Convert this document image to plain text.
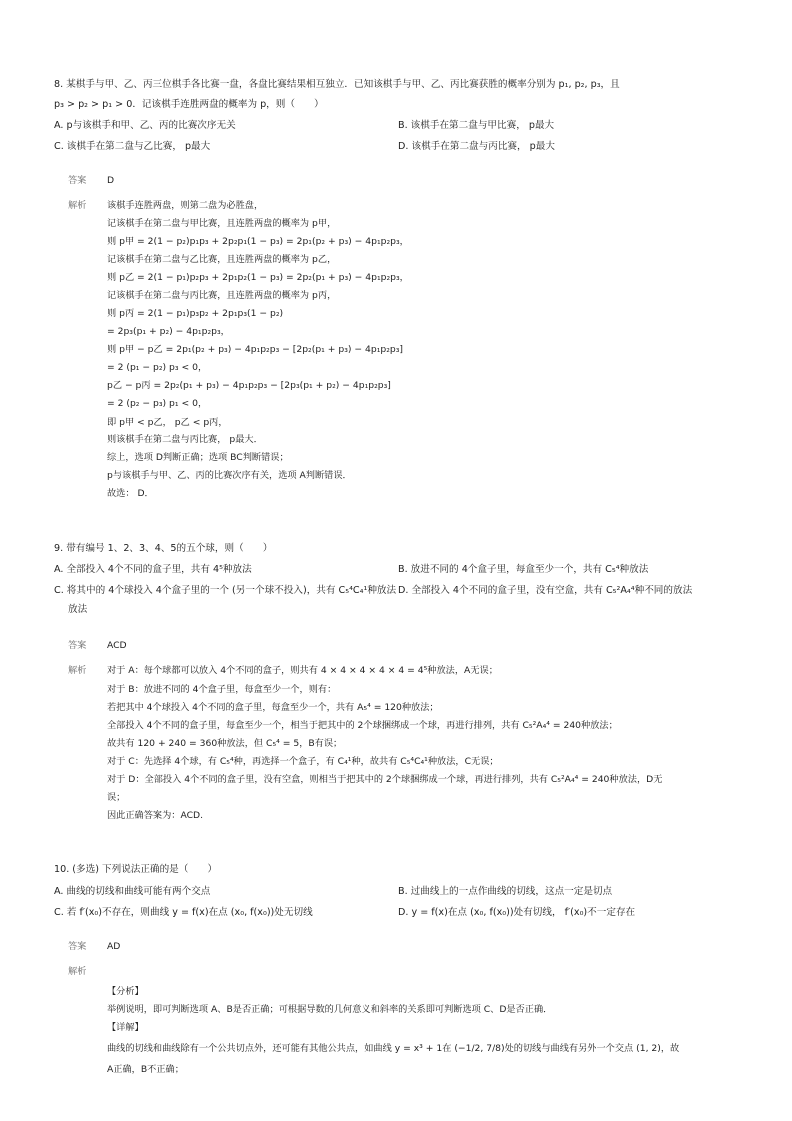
8. 某棋手与甲、乙、丙三位棋手各比赛一盘，各盘比赛结果相互独立．已知该棋手与甲、乙、丙比赛获胜的概率分别为 p₁, p₂, p₃，且
p₃ > p₂ > p₁ > 0．记该棋手连胜两盘的概率为 p，则（　　）
A. p与该棋手和甲、乙、丙的比赛次序无关	B. 该棋手在第二盘与甲比赛， p最大
C. 该棋手在第二盘与乙比赛， p最大	D. 该棋手在第二盘与丙比赛， p最大
答案 D
解析 该棋手连胜两盘，则第二盘为必胜盘，
记该棋手在第二盘与甲比赛，且连胜两盘的概率为 p甲，
则 p甲 = 2(1 − p₂)p₁p₃ + 2p₂p₁(1 − p₃) = 2p₁(p₂ + p₃) − 4p₁p₂p₃，
记该棋手在第二盘与乙比赛，且连胜两盘的概率为 p乙，
则 p乙 = 2(1 − p₁)p₂p₃ + 2p₁p₂(1 − p₃) = 2p₂(p₁ + p₃) − 4p₁p₂p₃，
记该棋手在第二盘与丙比赛，且连胜两盘的概率为 p丙，
则 p丙 = 2(1 − p₁)p₃p₂ + 2p₁p₃(1 − p₂)
= 2p₃(p₁ + p₂) − 4p₁p₂p₃，
则 p甲 − p乙 = 2p₁(p₂ + p₃) − 4p₁p₂p₃ − [2p₂(p₁ + p₃) − 4p₁p₂p₃]
= 2 (p₁ − p₂) p₃ < 0，
p乙 − p丙 = 2p₂(p₁ + p₃) − 4p₁p₂p₃ − [2p₃(p₁ + p₂) − 4p₁p₂p₃]
= 2 (p₂ − p₃) p₁ < 0，
即 p甲 < p乙， p乙 < p丙，
则该棋手在第二盘与丙比赛， p最大．
综上，选项 D判断正确；选项 BC判断错误；
p与该棋手与甲、乙、丙的比赛次序有关，选项 A判断错误．
故选： D．
9. 带有编号 1、2、3、4、5的五个球，则（　　）
A. 全部投入 4个不同的盒子里，共有 4⁵种放法	B. 放进不同的 4个盒子里，每盒至少一个，共有 C₅⁴种放法
C. 将其中的 4个球投入 4个盒子里的一个 (另一个球不投入)，共有 C₅⁴C₄¹种放法 D. 全部投入 4个不同的盒子里，没有空盒，共有 C₅²A₄⁴种不同的放法
放法
答案 ACD
解析 对于 A：每个球都可以放入 4个不同的盒子，则共有 4 × 4 × 4 × 4 × 4 = 4⁵种放法，A无误；
对于 B：放进不同的 4个盒子里，每盒至少一个，则有：
若把其中 4个球投入 4个不同的盒子里，每盒至少一个，共有 A₅⁴ = 120种放法；
全部投入 4个不同的盒子里，每盒至少一个，相当于把其中的 2个球捆绑成一个球，再进行排列，共有 C₅²A₄⁴ = 240种放法；
故共有 120 + 240 = 360种放法，但 C₅⁴ = 5，B有误；
对于 C：先选择 4个球，有 C₅⁴种，再选择一个盒子，有 C₄¹种，故共有 C₅⁴C₄¹种放法，C无误；
对于 D：全部投入 4个不同的盒子里，没有空盒，则相当于把其中的 2个球捆绑成一个球，再进行排列，共有 C₅²A₄⁴ = 240种放法，D无
误；
因此正确答案为：ACD.
10. (多选) 下列说法正确的是（　　）
A. 曲线的切线和曲线可能有两个交点	B. 过曲线上的一点作曲线的切线，这点一定是切点
C. 若 f′(x₀)不存在，则曲线 y = f(x)在点 (x₀, f(x₀))处无切线	D. y = f(x)在点 (x₀, f(x₀))处有切线， f′(x₀)不一定存在
答案 AD
解析
【分析】
举例说明，即可判断选项 A、B是否正确；可根据导数的几何意义和斜率的关系即可判断选项 C、D是否正确．
【详解】
曲线的切线和曲线除有一个公共切点外，还可能有其他公共点，如曲线 y = x³ + 1在 (−1/2, 7/8)处的切线与曲线有另外一个交点 (1, 2)，故
A正确，B不正确；
